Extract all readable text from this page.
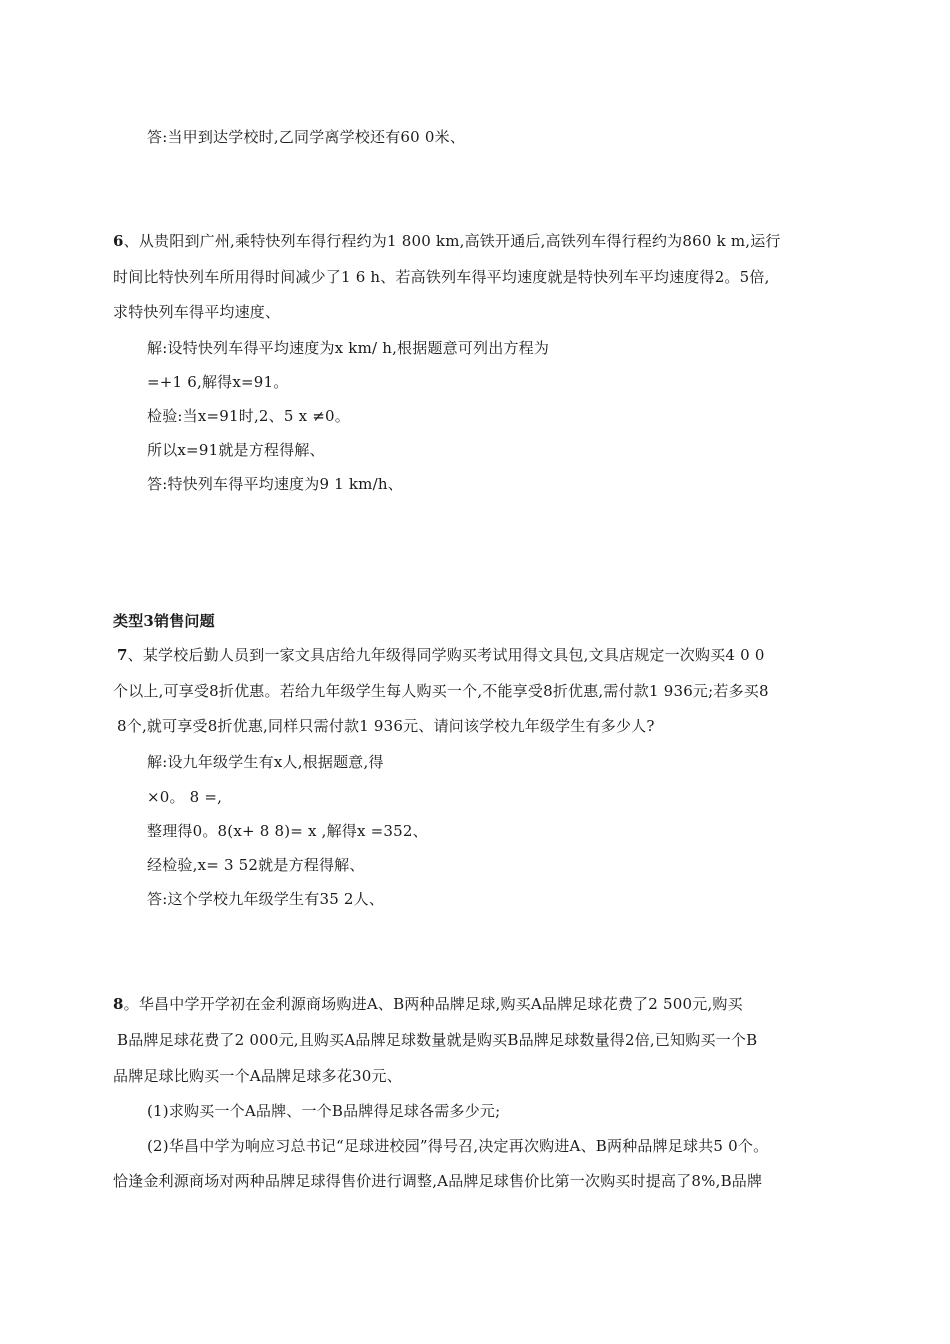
答:当甲到达学校时,乙同学离学校还有60 0米、
6、从贵阳到广州,乘特快列车得行程约为1 800 km,高铁开通后,高铁列车得行程约为860 k m,运行
时间比特快列车所用得时间减少了1 6 h、若高铁列车得平均速度就是特快列车平均速度得2。5倍,
求特快列车得平均速度、
解:设特快列车得平均速度为x km/ h,根据题意可列出方程为
=+1 6,解得x=91。
检验:当x=91时,2、5 x ≠0。
所以x=91就是方程得解、
答:特快列车得平均速度为9 1 km/h、
类型3销售问题
7、某学校后勤人员到一家文具店给九年级得同学购买考试用得文具包,文具店规定一次购买4 0 0
个以上,可享受8折优惠。若给九年级学生每人购买一个,不能享受8折优惠,需付款1 936元;若多买8
8个,就可享受8折优惠,同样只需付款1 936元、请问该学校九年级学生有多少人?
解:设九年级学生有x人,根据题意,得
×0。 8 =,
整理得0。8(x+ 8 8)= x ,解得x =352、
经检验,x= 3 52就是方程得解、
答:这个学校九年级学生有35 2人、
8。华昌中学开学初在金利源商场购进A、B两种品牌足球,购买A品牌足球花费了2 500元,购买
B品牌足球花费了2 000元,且购买A品牌足球数量就是购买B品牌足球数量得2倍,已知购买一个B
品牌足球比购买一个A品牌足球多花30元、
(1)求购买一个A品牌、一个B品牌得足球各需多少元;
(2)华昌中学为响应习总书记“足球进校园”得号召,决定再次购进A、B两种品牌足球共5 0个。
恰逢金利源商场对两种品牌足球得售价进行调整,A品牌足球售价比第一次购买时提高了8%,B品牌
